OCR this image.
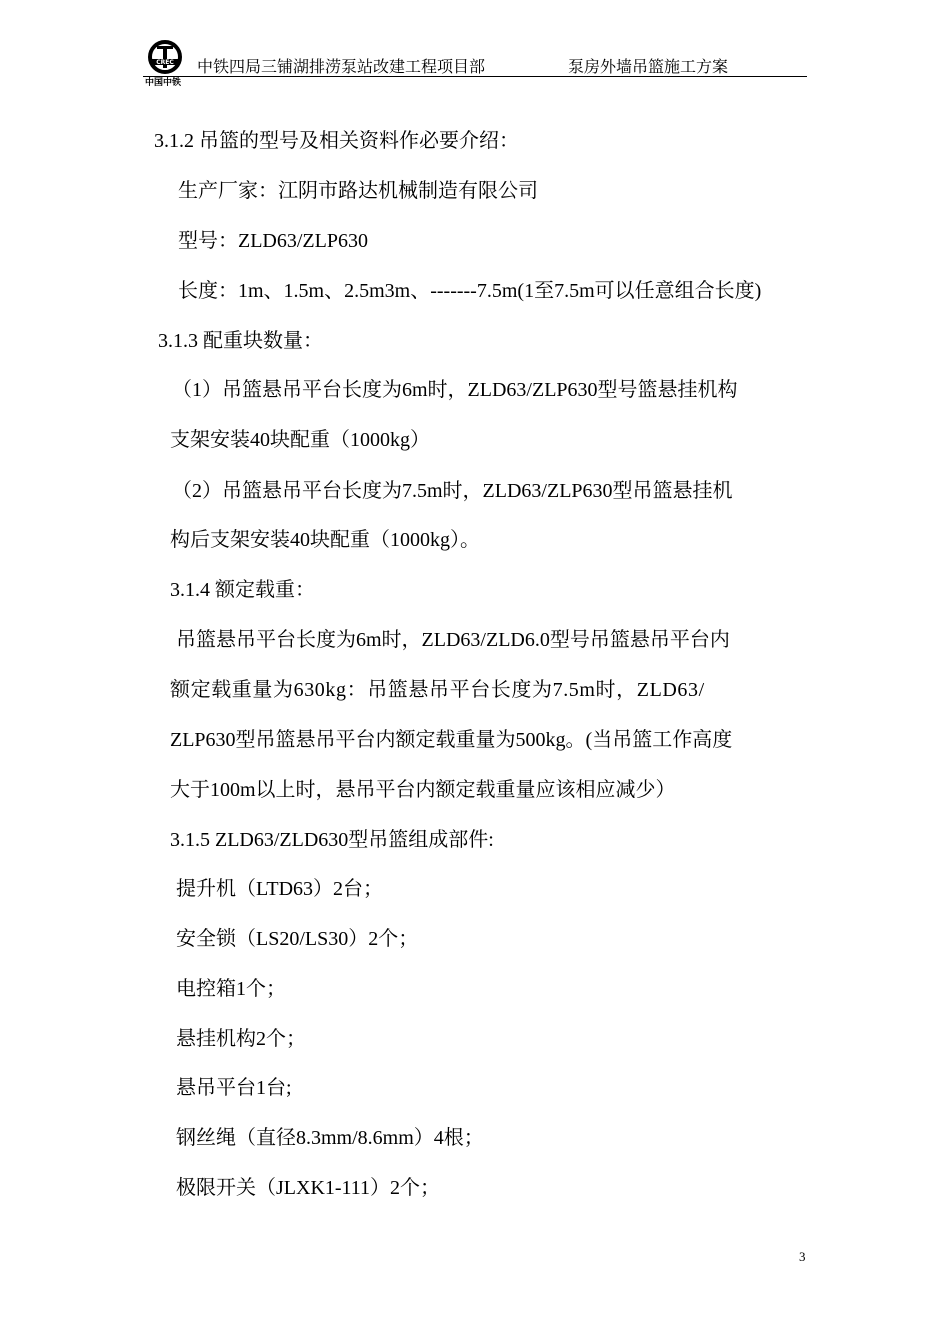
CREC
中国中铁
中铁四局三铺湖排涝泵站改建工程项目部	泵房外墙吊篮施工方案
3.1.2 吊篮的型号及相关资料作必要介绍：
生产厂家：江阴市路达机械制造有限公司
型号：ZLD63/ZLP630
长度：1m、1.5m、2.5m3m、-------7.5m(1至7.5m可以任意组合长度)
3.1.3 配重块数量：
（1）吊篮悬吊平台长度为6m时，ZLD63/ZLP630型号篮悬挂机构
支架安装40块配重（1000kg）
（2）吊篮悬吊平台长度为7.5m时，ZLD63/ZLP630型吊篮悬挂机
构后支架安装40块配重（1000kg）。
3.1.4 额定载重：
吊篮悬吊平台长度为6m时，ZLD63/ZLD6.0型号吊篮悬吊平台内
额定载重量为630kg：吊篮悬吊平台长度为7.5m时，ZLD63/
ZLP630型吊篮悬吊平台内额定载重量为500kg。(当吊篮工作高度
大于100m以上时，悬吊平台内额定载重量应该相应减少）
3.1.5 ZLD63/ZLD630型吊篮组成部件:
提升机（LTD63）2台；
安全锁（LS20/LS30）2个；
电控箱1个；
悬挂机构2个；
悬吊平台1台;
钢丝绳（直径8.3mm/8.6mm）4根；
极限开关（JLXK1-111）2个；
3
